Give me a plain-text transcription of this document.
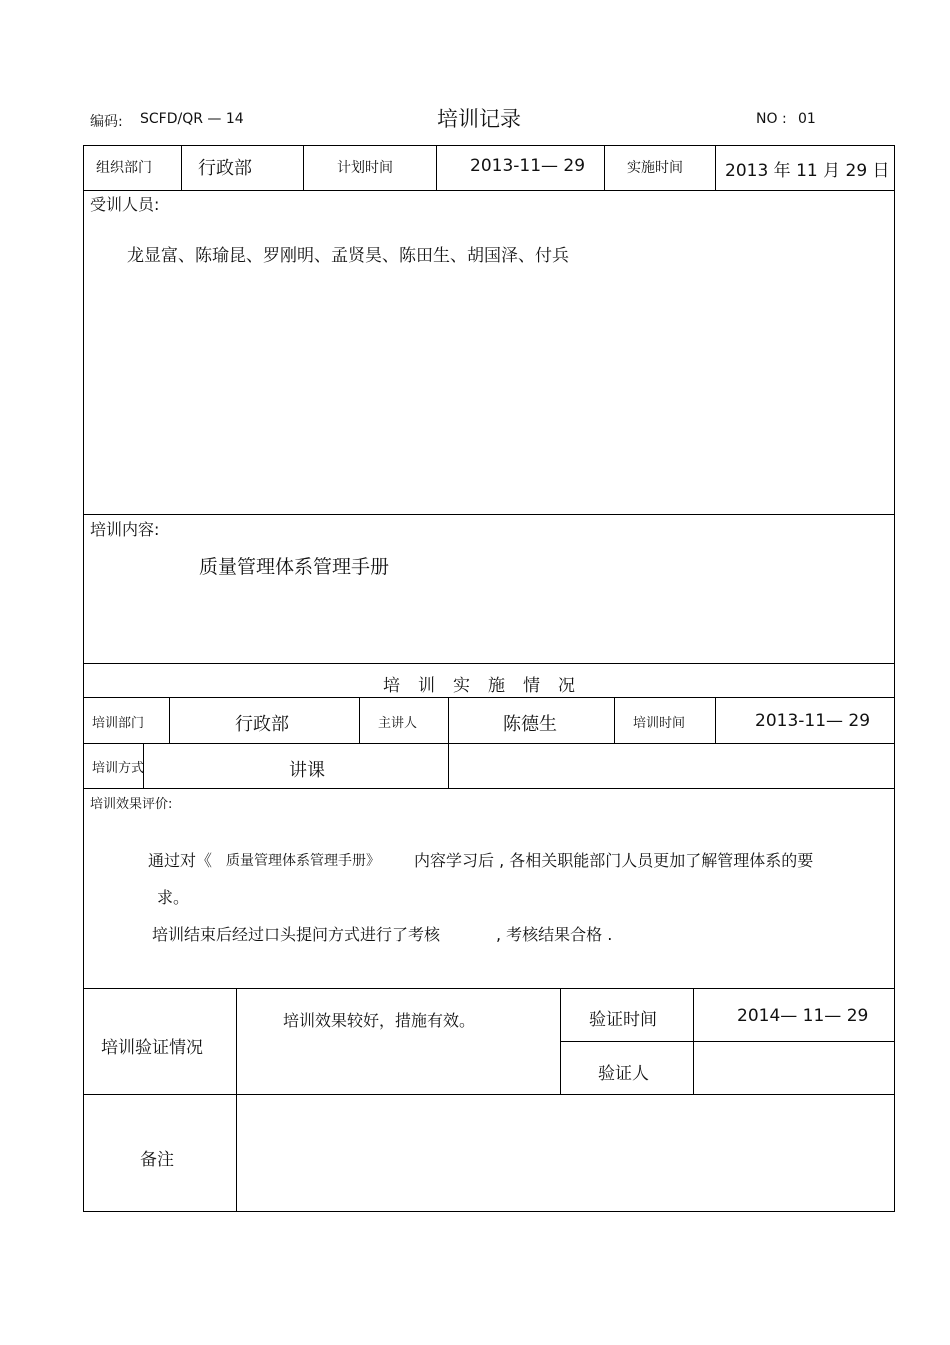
编码: SCFD/QR — 14	培训记录	NO : 01
组织部门	行政部	计划时间	2013-11— 29	实施时间 2013 年 11 月 29 日
受训人员:
龙显富、陈瑜昆、罗刚明、孟贤昊、陈田生、胡国泽、付兵
培训内容:
质量管理体系管理手册
培训实施情况
培训部门	行政部	主讲人	陈德生	培训时间	2013-11— 29
培训方式	讲课
培训效果评价:
通过对《 质量管理体系管理手册》 内容学习后 , 各相关职能部门人员更加了解管理体系的要
求。
培训结束后经过口头提问方式进行了考核	, 考核结果合格 .
培训验证情况
培训效果较好，措施有效。	验证时间	2014— 11— 29
验证人
备注
